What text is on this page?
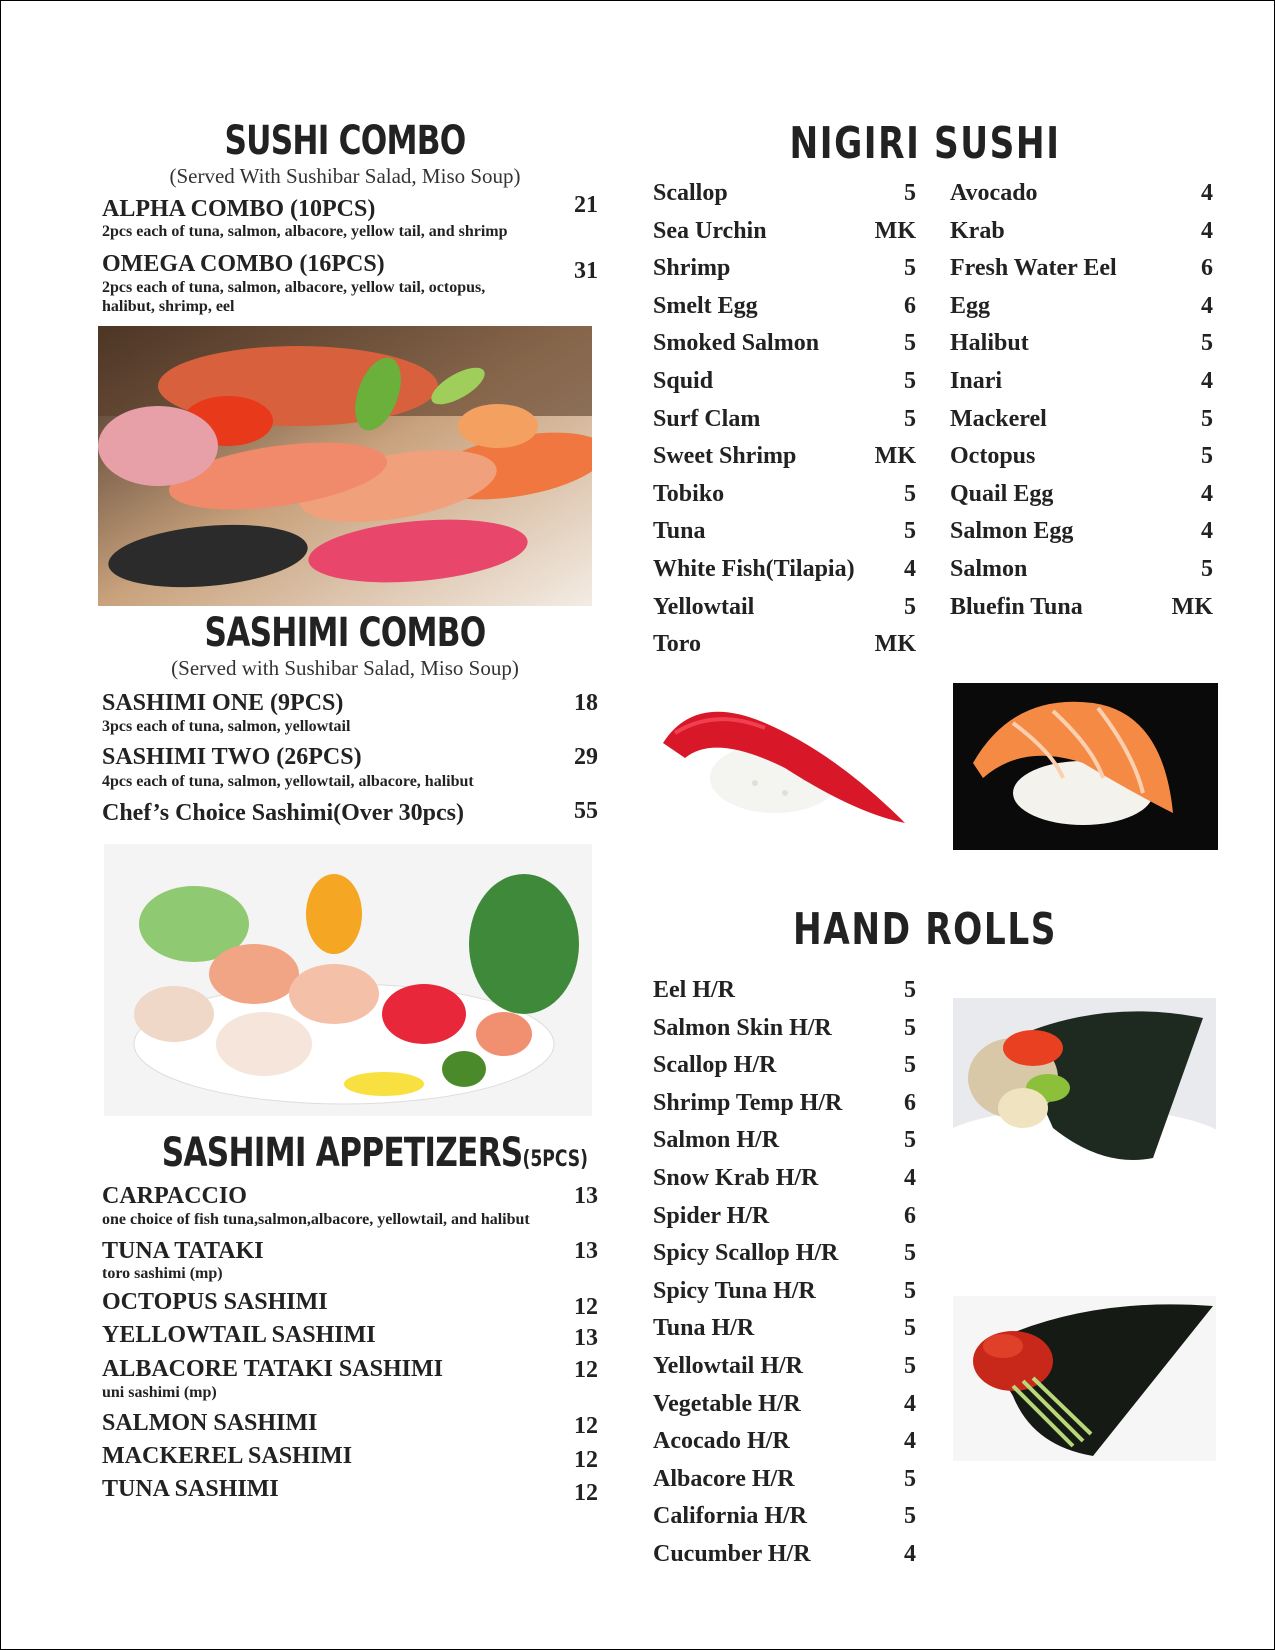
SUSHI COMBO
(Served With Sushibar Salad, Miso Soup)
ALPHA COMBO (10PCS)	21
2pcs each of tuna, salmon, albacore, yellow tail, and shrimp
OMEGA COMBO (16PCS)	31
2pcs each of tuna, salmon, albacore, yellow tail, octopus,
halibut, shrimp, eel
SASHIMI COMBO
(Served with Sushibar Salad, Miso Soup)
SASHIMI ONE (9PCS)	18
3pcs each of tuna, salmon, yellowtail
SASHIMI TWO (26PCS)	29
4pcs each of tuna, salmon, yellowtail, albacore, halibut
Chef’s Choice Sashimi(Over 30pcs)	55
SASHIMI APPETIZERS(5PCS)
CARPACCIO	13
one choice of fish tuna,salmon,albacore, yellowtail, and halibut
TUNA TATAKI	13
toro sashimi (mp)
OCTOPUS SASHIMI	12
YELLOWTAIL SASHIMI	13
ALBACORE TATAKI SASHIMI	12
uni sashimi (mp)
SALMON SASHIMI	12
MACKEREL SASHIMI	12
TUNA SASHIMI	12
NIGIRI SUSHI
Scallop	5
Sea Urchin	MK
Shrimp	5
Smelt Egg	6
Smoked Salmon	5
Squid	5
Surf Clam	5
Sweet Shrimp	MK
Tobiko	5
Tuna	5
White Fish(Tilapia) 4
Yellowtail	5
Toro	MK
Avocado	4
Krab	4
Fresh Water Eel	6
Egg	4
Halibut	5
Inari	4
Mackerel	5
Octopus	5
Quail Egg	4
Salmon Egg	4
Salmon	5
Bluefin Tuna	MK
HAND ROLLS
Eel H/R	5
Salmon Skin H/R	5
Scallop H/R	5
Shrimp Temp H/R	6
Salmon H/R	5
Snow Krab H/R	4
Spider H/R	6
Spicy Scallop H/R	5
Spicy Tuna H/R	5
Tuna H/R	5
Yellowtail H/R	5
Vegetable H/R	4
Acocado H/R	4
Albacore H/R	5
California H/R	5
Cucumber H/R	4
